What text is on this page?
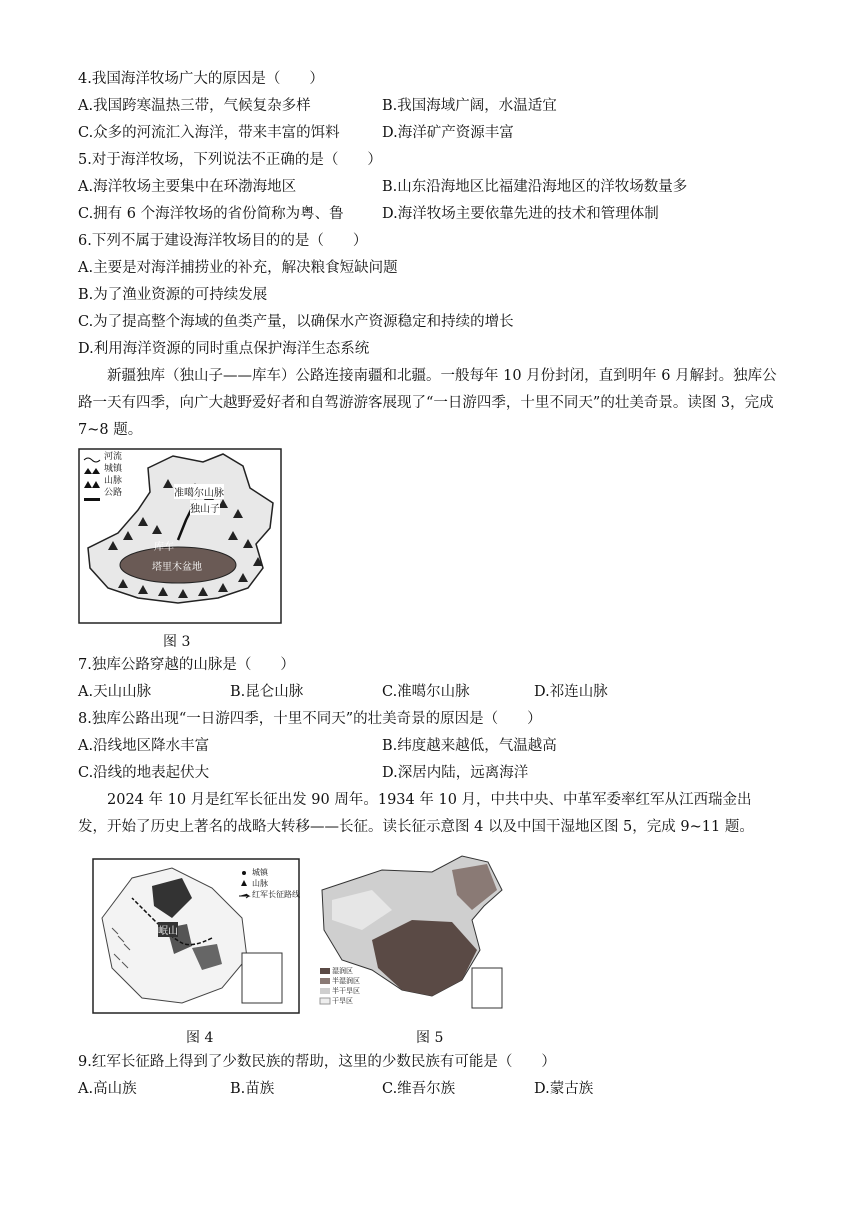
4.我国海洋牧场广大的原因是（　　）
A.我国跨寒温热三带，气候复杂多样	B.我国海域广阔，水温适宜
C.众多的河流汇入海洋，带来丰富的饵料	D.海洋矿产资源丰富
5.对于海洋牧场，下列说法不正确的是（　　）
A.海洋牧场主要集中在环渤海地区	B.山东沿海地区比福建沿海地区的洋牧场数量多
C.拥有 6 个海洋牧场的省份简称为粤、鲁	D.海洋牧场主要依靠先进的技术和管理体制
6.下列不属于建设海洋牧场目的的是（　　）
A.主要是对海洋捕捞业的补充，解决粮食短缺问题
B.为了渔业资源的可持续发展
C.为了提高整个海域的鱼类产量，以确保水产资源稳定和持续的增长
D.利用海洋资源的同时重点保护海洋生态系统
新疆独库（独山子——库车）公路连接南疆和北疆。一般每年 10 月份封闭，直到明年 6 月解封。独库公路一天有四季，向广大越野爱好者和自驾游游客展现了“一日游四季，十里不同天”的壮美奇景。读图 3，完成 7~8 题。
河流
城镇
山脉
公路	准噶尔山脉
独山子
库车
塔里木盆地
图 3
7.独库公路穿越的山脉是（　　）
A.天山山脉	B.昆仑山脉	C.准噶尔山脉	D.祁连山脉
8.独库公路出现“一日游四季，十里不同天”的壮美奇景的原因是（　　）
A.沿线地区降水丰富	B.纬度越来越低，气温越高
C.沿线的地表起伏大	D.深居内陆，远离海洋
2024 年 10 月是红军长征出发 90 周年。1934 年 10 月，中共中央、中革军委率红军从江西瑞金出发，开始了历史上著名的战略大转移——长征。读长征示意图 4 以及中国干湿地区图 5，完成 9~11 题。
城镇
山脉
红军长征路线
岷山
图 4
湿润区
半湿润区
半干旱区
干旱区
图 5
9.红军长征路上得到了少数民族的帮助，这里的少数民族有可能是（　　）
A.高山族	B.苗族	C.维吾尔族	D.蒙古族
